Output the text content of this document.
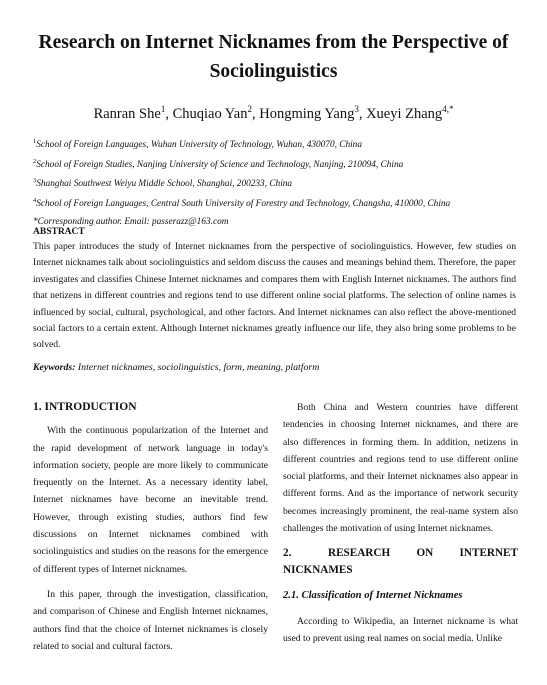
Research on Internet Nicknames from the Perspective of Sociolinguistics
Ranran She$^1$, Chuqiao Yan$^2$, Hongming Yang$^3$, Xueyi Zhang$^{4,*}$
$^1$School of Foreign Languages, Wuhan University of Technology, Wuhan, 430070, China
$^2$School of Foreign Studies, Nanjing University of Science and Technology, Nanjing, 210094, China
$^3$Shanghai Southwest Weiyu Middle School, Shanghai, 200233, China
$^4$School of Foreign Languages, Central South University of Forestry and Technology, Changsha, 410000, China
*Corresponding author. Email: passerazz@163.com
ABSTRACT
This paper introduces the study of Internet nicknames from the perspective of sociolinguistics. However, few studies on Internet nicknames talk about sociolinguistics and seldom discuss the causes and meanings behind them. Therefore, the paper investigates and classifies Chinese Internet nicknames and compares them with English Internet nicknames. The authors find that netizens in different countries and regions tend to use different online social platforms. The selection of online names is influenced by social, cultural, psychological, and other factors. And Internet nicknames can also reflect the above-mentioned social factors to a certain extent. Although Internet nicknames greatly influence our life, they also bring some problems to be solved.
Keywords: Internet nicknames, sociolinguistics, form, meaning, platform
1. INTRODUCTION

With the continuous popularization of the Internet and the rapid development of network language in today's information society, people are more likely to communicate frequently on the Internet. As a necessary identity label, Internet nicknames have become an inevitable trend. However, through existing studies, authors find few discussions on Internet nicknames combined with sociolinguistics and studies on the reasons for the emergence of different types of Internet nicknames.

In this paper, through the investigation, classification, and comparison of Chinese and English Internet nicknames, authors find that the choice of Internet nicknames is closely related to social and cultural factors.

Both China and Western countries have different tendencies in choosing Internet nicknames, and there are also differences in forming them. In addition, netizens in different countries and regions tend to use different online social platforms, and their Internet nicknames also appear in different forms. And as the importance of network security becomes increasingly prominent, the real-name system also challenges the motivation of using Internet nicknames.

2.	RESEARCH ON INTERNET
NICKNAMES
2.1. Classification of Internet Nicknames

According to Wikipedia, an Internet nickname is what used to prevent using real names on social media. Unlike
